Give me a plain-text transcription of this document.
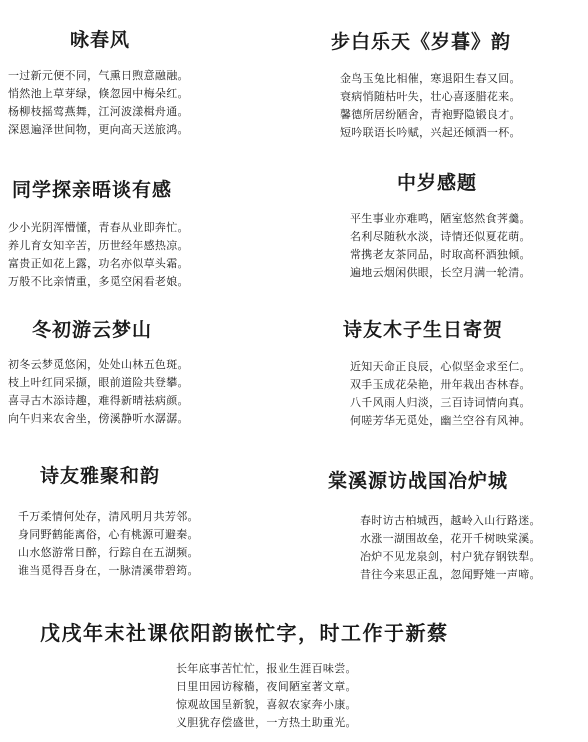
咏春风
一过新元便不同，气熏日煦意融融。
悄然池上草芽绿，倏忽园中梅朵红。
杨柳枝摇莺燕舞，江河波漾楫舟通。
深恩遍泽世间物，更向高天送旅鸿。
步白乐天《岁暮》韵
金鸟玉兔比相催，寒退阳生春又回。
衰病悄随枯叶失，壮心喜逐腊花来。
馨德所居纷陋舍，青袍野隐锻良才。
短吟联语长吟赋，兴起还倾酒一杯。
同学探亲晤谈有感
少小光阴浑懵懂，青春从业即奔忙。
养儿育女知辛苦，历世经年感热凉。
富贵正如花上露，功名亦似草头霜。
万般不比亲情重，多觅空闲看老娘。
中岁感题
平生事业亦难鸣，陋室悠然食荠羹。
名利尽随秋水淡，诗情还似夏花萌。
常携老友茶同品，时取高杯酒独倾。
遍地云烟闲供眼，长空月满一轮清。
冬初游云梦山
初冬云梦觅悠闲，处处山林五色斑。
枝上叶红同采撷，眼前道险共登攀。
喜寻古木添诗趣，难得新晴祛病颜。
向午归来农舍坐，傍溪静听水潺潺。
诗友木子生日寄贺
近知天命正良辰，心似坚金求至仁。
双手玉成花朵艳，卅年栽出杏林春。
八千风雨人归淡，三百诗词情向真。
何嗟芳华无觅处，幽兰空谷有风神。
诗友雅聚和韵
千万柔情何处存，清风明月共芳邻。
身同野鹤能离俗，心有桃源可避秦。
山水悠游常日醉，行踪自在五湖频。
谁当觅得吾身在，一脉清溪带碧筠。
棠溪源访战国冶炉城
春时访古柏城西，越岭入山行路迷。
水涨一湖围故垒，花开千树映棠溪。
冶炉不见龙泉剑，村户犹存钢铁犁。
昔往今来思正乱，忽闻野雉一声啼。
戊戌年末社课依阳韵嵌忙字，时工作于新蔡
长年底事苦忙忙，报业生涯百味尝。
日里田园访稼穑，夜间陋室著文章。
惊观故国呈新貌，喜叙农家奔小康。
义胆犹存偿盛世，一方热土助重光。
